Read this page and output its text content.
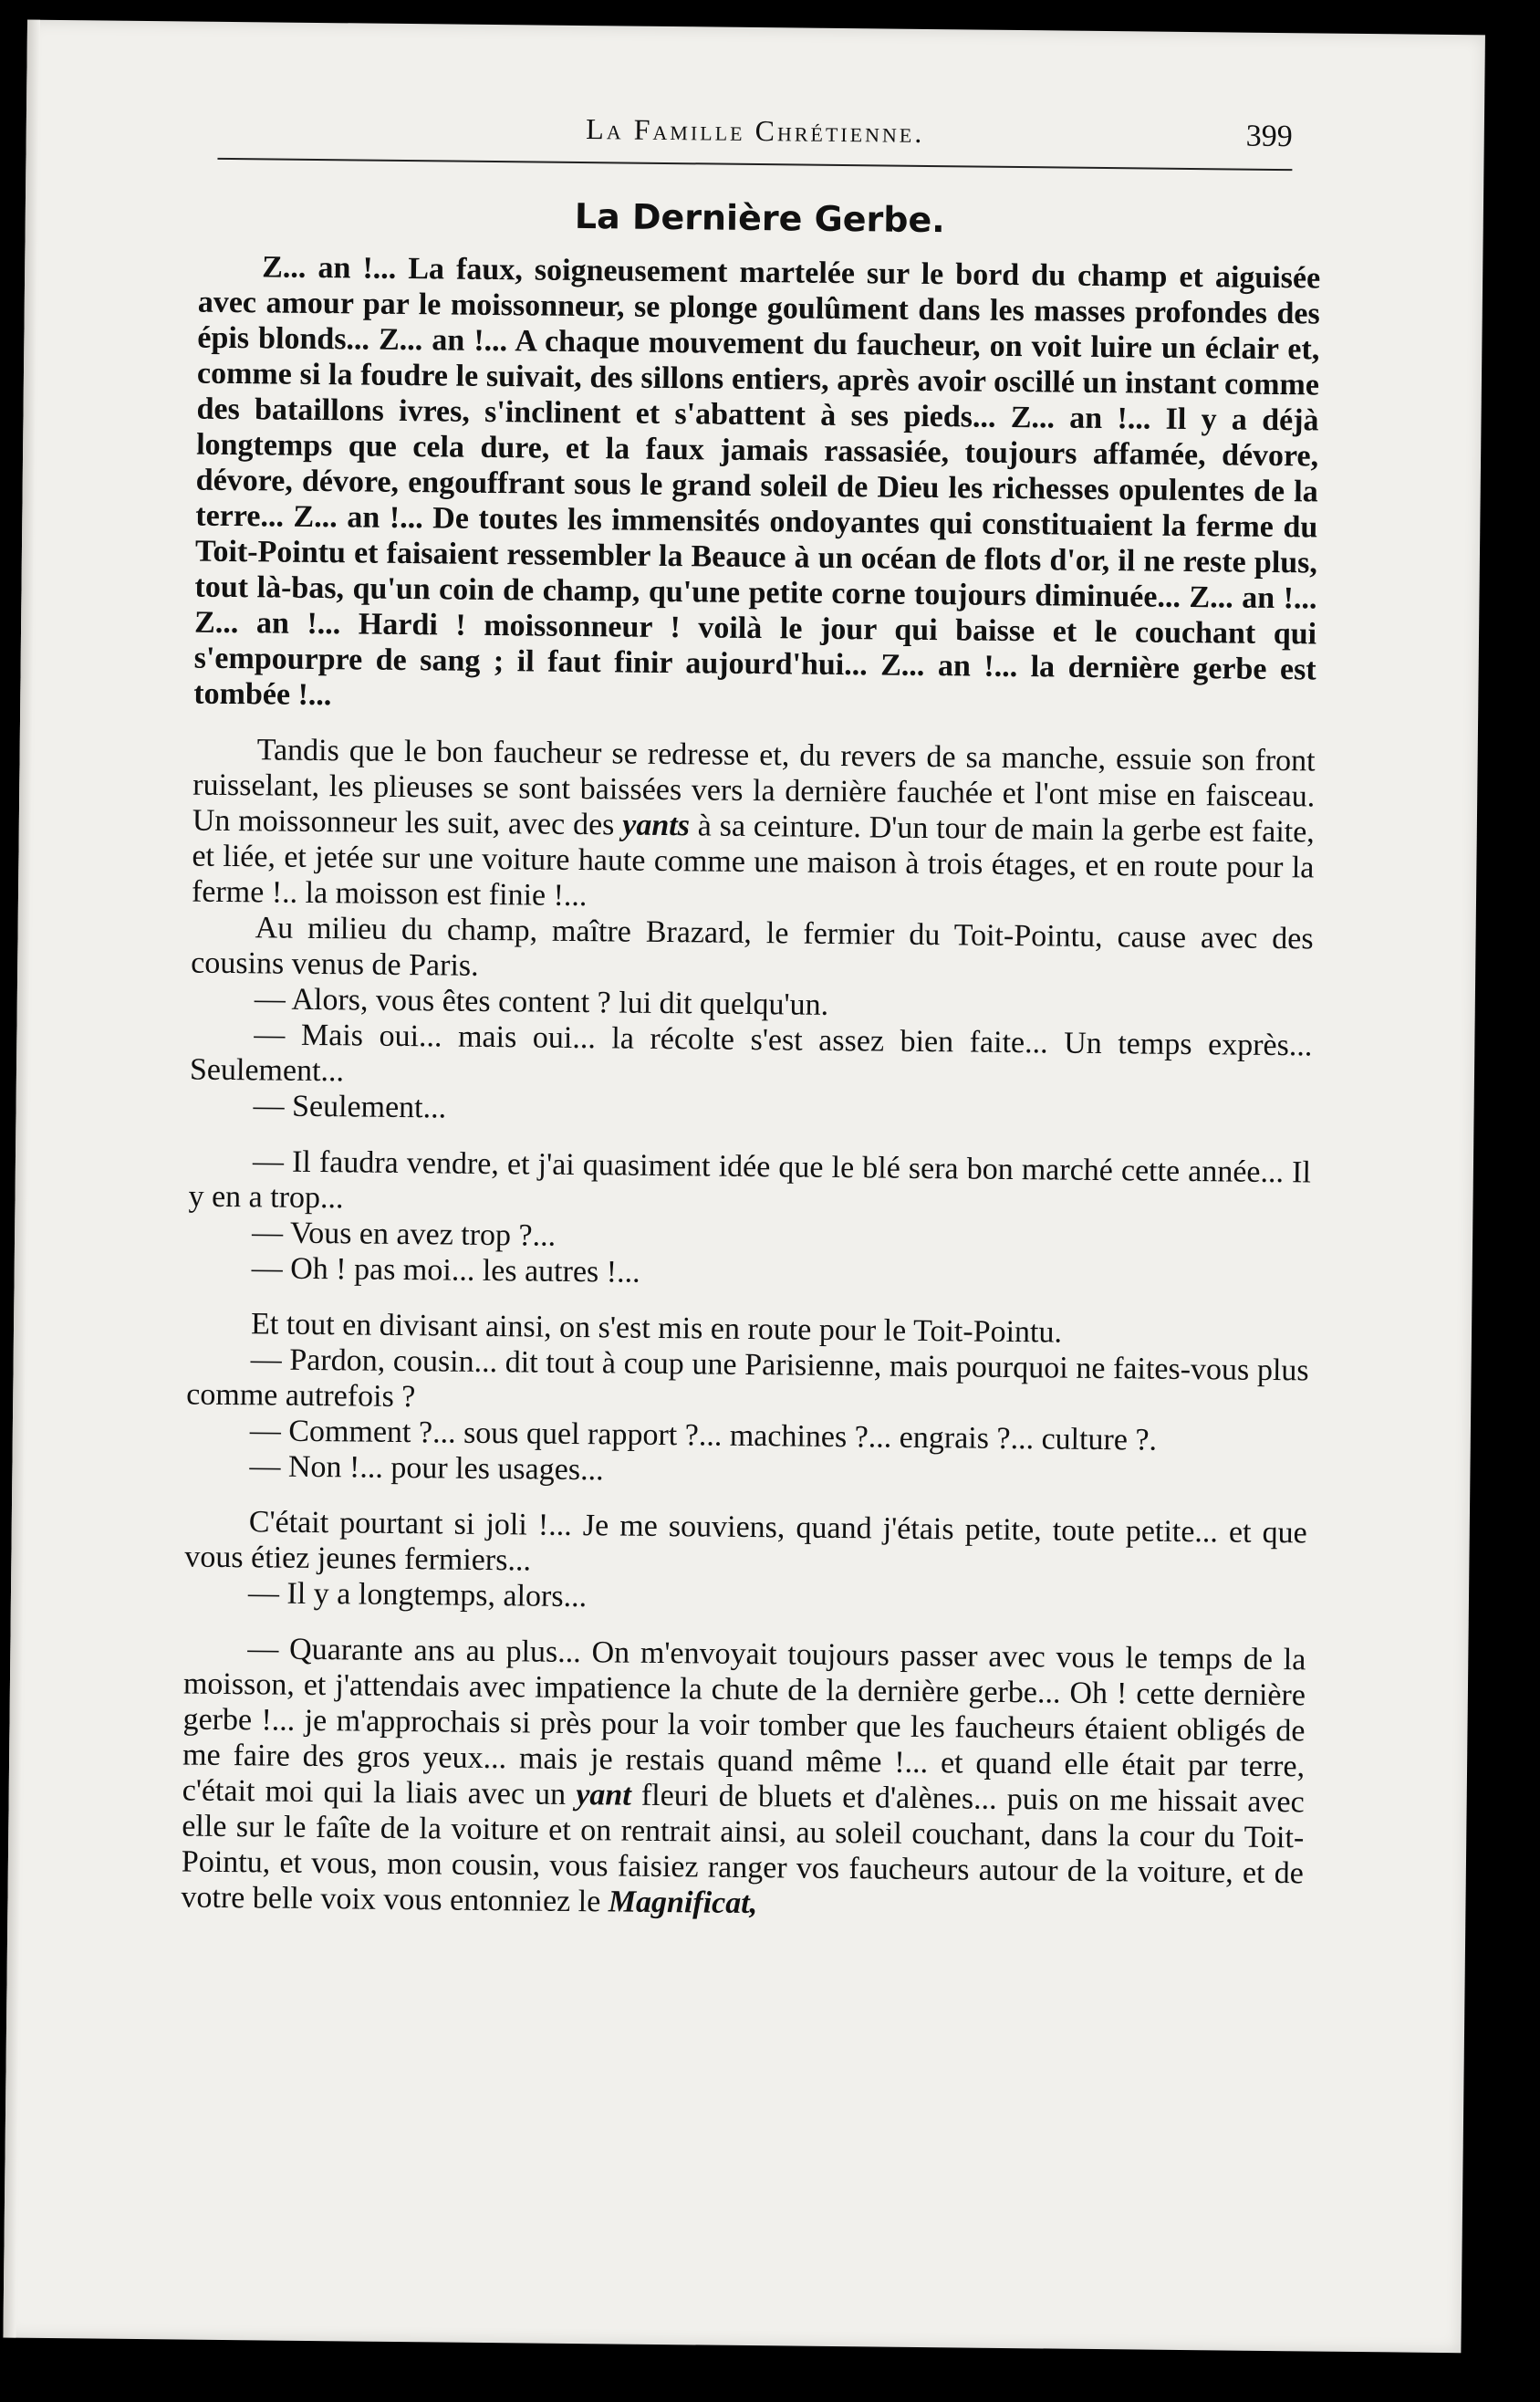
La Famille Chrétienne.	399
La Dernière Gerbe.

Z... an !... La faux, soigneusement martelée sur le bord du champ et aiguisée avec amour par le moissonneur, se plonge goulûment dans les masses profondes des épis blonds... Z... an !... A chaque mouvement du faucheur, on voit luire un éclair et, comme si la foudre le suivait, des sillons entiers, après avoir oscillé un instant comme des bataillons ivres, s'inclinent et s'abattent à ses pieds... Z... an !... Il y a déjà longtemps que cela dure, et la faux jamais rassasiée, toujours affamée, dévore, dévore, dévore, engouffrant sous le grand soleil de Dieu les richesses opulentes de la terre... Z... an !... De toutes les immensités ondoyantes qui constituaient la ferme du Toit-Pointu et faisaient ressembler la Beauce à un océan de flots d'or, il ne reste plus, tout là-bas, qu'un coin de champ, qu'une petite corne toujours diminuée... Z... an !... Z... an !... Hardi ! moissonneur ! voilà le jour qui baisse et le couchant qui s'empourpre de sang ; il faut finir aujourd'hui... Z... an !... la dernière gerbe est tombée !...

Tandis que le bon faucheur se redresse et, du revers de sa manche, essuie son front ruisselant, les plieuses se sont baissées vers la dernière fauchée et l'ont mise en faisceau. Un moissonneur les suit, avec des yants à sa ceinture. D'un tour de main la gerbe est faite, et liée, et jetée sur une voiture haute comme une maison à trois étages, et en route pour la ferme !.. la moisson est finie !...

Au milieu du champ, maître Brazard, le fermier du Toit-Pointu, cause avec des cousins venus de Paris.

— Alors, vous êtes content ? lui dit quelqu'un.

— Mais oui... mais oui... la récolte s'est assez bien faite... Un temps exprès... Seulement...

— Seulement...

— Il faudra vendre, et j'ai quasiment idée que le blé sera bon marché cette année... Il y en a trop...

— Vous en avez trop ?...

— Oh ! pas moi... les autres !...

Et tout en divisant ainsi, on s'est mis en route pour le Toit-Pointu.

— Pardon, cousin... dit tout à coup une Parisienne, mais pourquoi ne faites-vous plus comme autrefois ?

— Comment ?... sous quel rapport ?... machines ?... engrais ?... culture ?.

— Non !... pour les usages...

C'était pourtant si joli !... Je me souviens, quand j'étais petite, toute petite... et que vous étiez jeunes fermiers...

— Il y a longtemps, alors...

— Quarante ans au plus... On m'envoyait toujours passer avec vous le temps de la moisson, et j'attendais avec impatience la chute de la dernière gerbe... Oh ! cette dernière gerbe !... je m'approchais si près pour la voir tomber que les faucheurs étaient obligés de me faire des gros yeux... mais je restais quand même !... et quand elle était par terre, c'était moi qui la liais avec un yant fleuri de bluets et d'alènes... puis on me hissait avec elle sur le faîte de la voiture et on rentrait ainsi, au soleil couchant, dans la cour du Toit-Pointu, et vous, mon cousin, vous faisiez ranger vos faucheurs autour de la voiture, et de votre belle voix vous entonniez le Magnificat,
